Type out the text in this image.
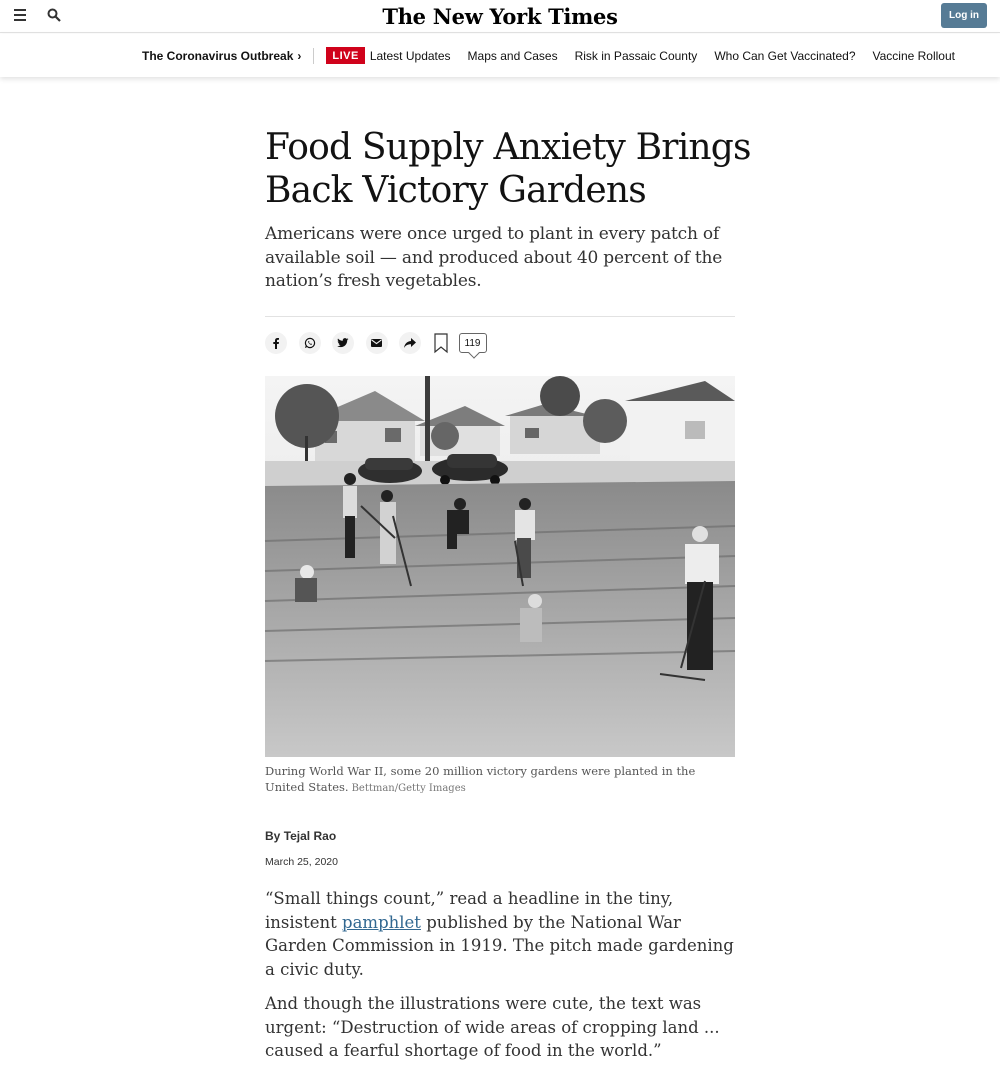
The New York Times	Log in
The Coronavirus Outbreak ›	LIVE Latest Updates Maps and Cases Risk in Passaic County Who Can Get Vaccinated? Vaccine Rollout
Food Supply Anxiety Brings Back Victory Gardens

Americans were once urged to plant in every patch of available soil — and produced about 40 percent of the nation’s fresh vegetables.

119

During World War II, some 20 million victory gardens were planted in the United States. Bettman/Getty Images

By Tejal Rao

March 25, 2020

“Small things count,” read a headline in the tiny, insistent pamphlet published by the National War Garden Commission in 1919. The pitch made gardening a civic duty.

And though the illustrations were cute, the text was urgent: “Destruction of wide areas of cropping land ... caused a fearful shortage of food in the world.”
